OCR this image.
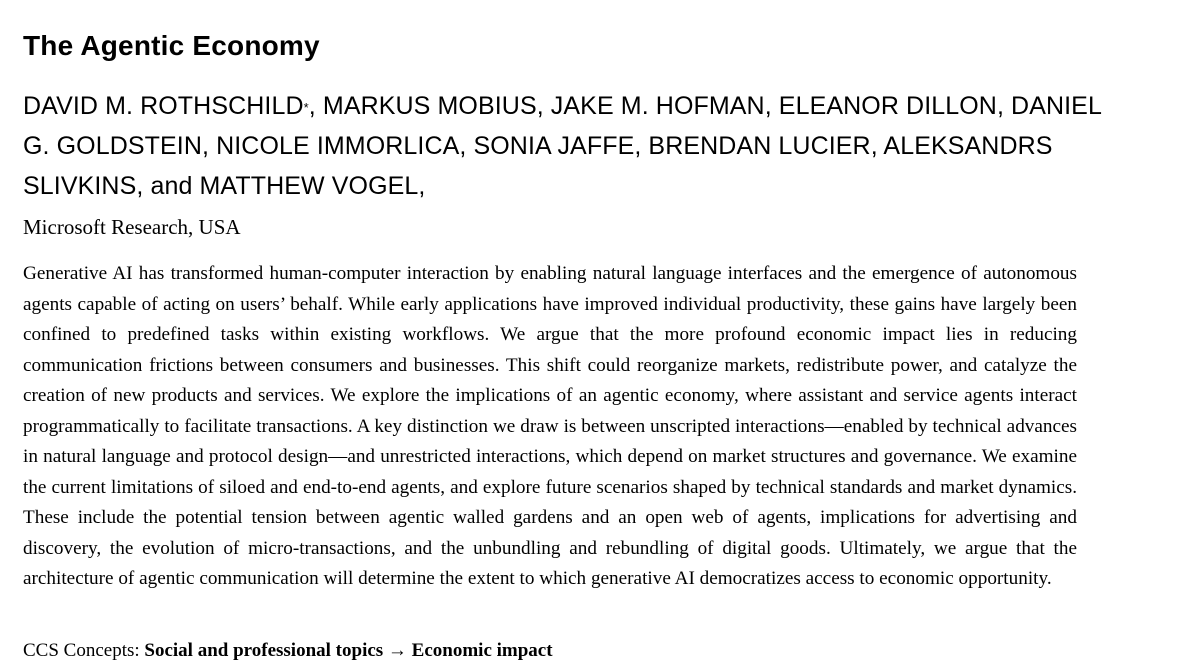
The Agentic Economy

DAVID M. ROTHSCHILD*, MARKUS MOBIUS, JAKE M. HOFMAN, ELEANOR DILLON, DANIEL G. GOLDSTEIN, NICOLE IMMORLICA, SONIA JAFFE, BRENDAN LUCIER, ALEKSANDRS SLIVKINS, and MATTHEW VOGEL,

Microsoft Research, USA

Generative AI has transformed human-computer interaction by enabling natural language interfaces and the emergence of autonomous agents capable of acting on users’ behalf. While early applications have improved individual productivity, these gains have largely been confined to predefined tasks within existing workflows. We argue that the more profound economic impact lies in reducing communication frictions between consumers and businesses. This shift could reorganize markets, redistribute power, and catalyze the creation of new products and services. We explore the implications of an agentic economy, where assistant and service agents interact programmatically to facilitate transactions. A key distinction we draw is between unscripted interactions—enabled by technical advances in natural language and protocol design—and unrestricted interactions, which depend on market structures and governance. We examine the current limitations of siloed and end-to-end agents, and explore future scenarios shaped by technical standards and market dynamics. These include the potential tension between agentic walled gardens and an open web of agents, implications for advertising and discovery, the evolution of micro-transactions, and the unbundling and rebundling of digital goods. Ultimately, we argue that the architecture of agentic communication will determine the extent to which generative AI democratizes access to economic opportunity.

CCS Concepts: Social and professional topics → Economic impact
